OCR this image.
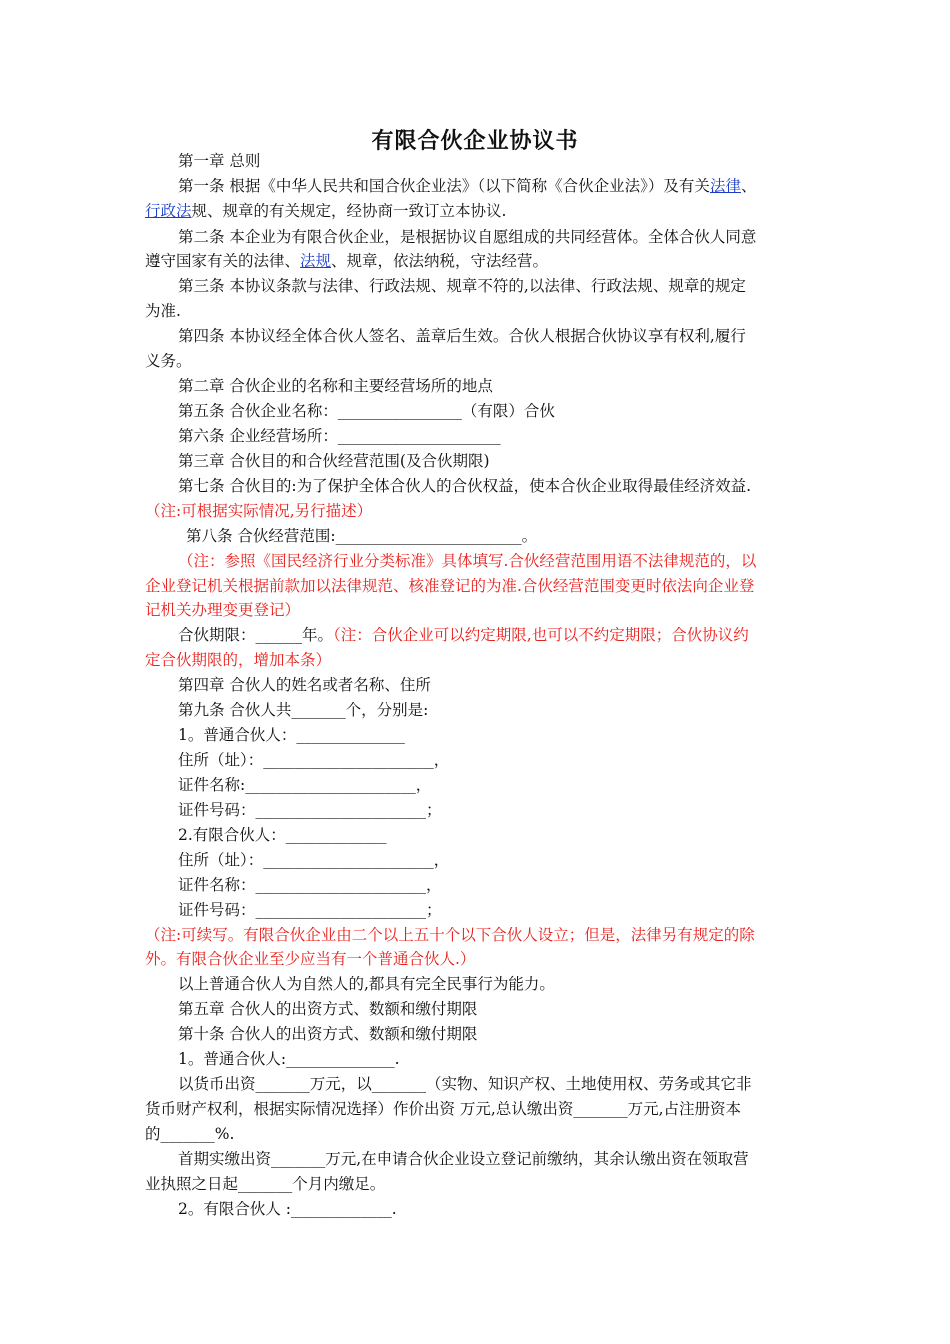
有限合伙企业协议书
第一章 总则
第一条 根据《中华人民共和国合伙企业法》（以下简称《合伙企业法》）及有关法律、
行政法规、规章的有关规定，经协商一致订立本协议.
第二条 本企业为有限合伙企业，是根据协议自愿组成的共同经营体。全体合伙人同意
遵守国家有关的法律、法规、规章，依法纳税，守法经营。
第三条 本协议条款与法律、行政法规、规章不符的,以法律、行政法规、规章的规定
为准.
第四条 本协议经全体合伙人签名、盖章后生效。合伙人根据合伙协议享有权利,履行
义务。
第二章 合伙企业的名称和主要经营场所的地点
第五条 合伙企业名称：________________（有限）合伙
第六条 企业经营场所：_____________________
第三章 合伙目的和合伙经营范围(及合伙期限)
第七条 合伙目的:为了保护全体合伙人的合伙权益，使本合伙企业取得最佳经济效益.
（注:可根据实际情况,另行描述）
第八条 合伙经营范围:________________________。
（注：参照《国民经济行业分类标准》具体填写.合伙经营范围用语不法律规范的，以
企业登记机关根据前款加以法律规范、核准登记的为准.合伙经营范围变更时依法向企业登
记机关办理变更登记）
合伙期限：______年。（注：合伙企业可以约定期限,也可以不约定期限；合伙协议约
定合伙期限的，增加本条）
第四章 合伙人的姓名或者名称、住所
第九条 合伙人共_______个，分别是:
1。普通合伙人：______________
住所（址）：______________________，
证件名称:______________________，
证件号码：______________________；
2.有限合伙人：_____________
住所（址）：______________________，
证件名称：______________________，
证件号码：______________________；
（注:可续写。有限合伙企业由二个以上五十个以下合伙人设立；但是，法律另有规定的除
外。有限合伙企业至少应当有一个普通合伙人.）
以上普通合伙人为自然人的,都具有完全民事行为能力。
第五章 合伙人的出资方式、数额和缴付期限
第十条 合伙人的出资方式、数额和缴付期限
1。普通合伙人:______________.
以货币出资_______万元，以_______（实物、知识产权、土地使用权、劳务或其它非
货币财产权利，根据实际情况选择）作价出资 万元,总认缴出资_______万元,占注册资本
的_______%.
首期实缴出资_______万元,在申请合伙企业设立登记前缴纳，其余认缴出资在领取营
业执照之日起_______个月内缴足。
2。有限合伙人 :_____________.
